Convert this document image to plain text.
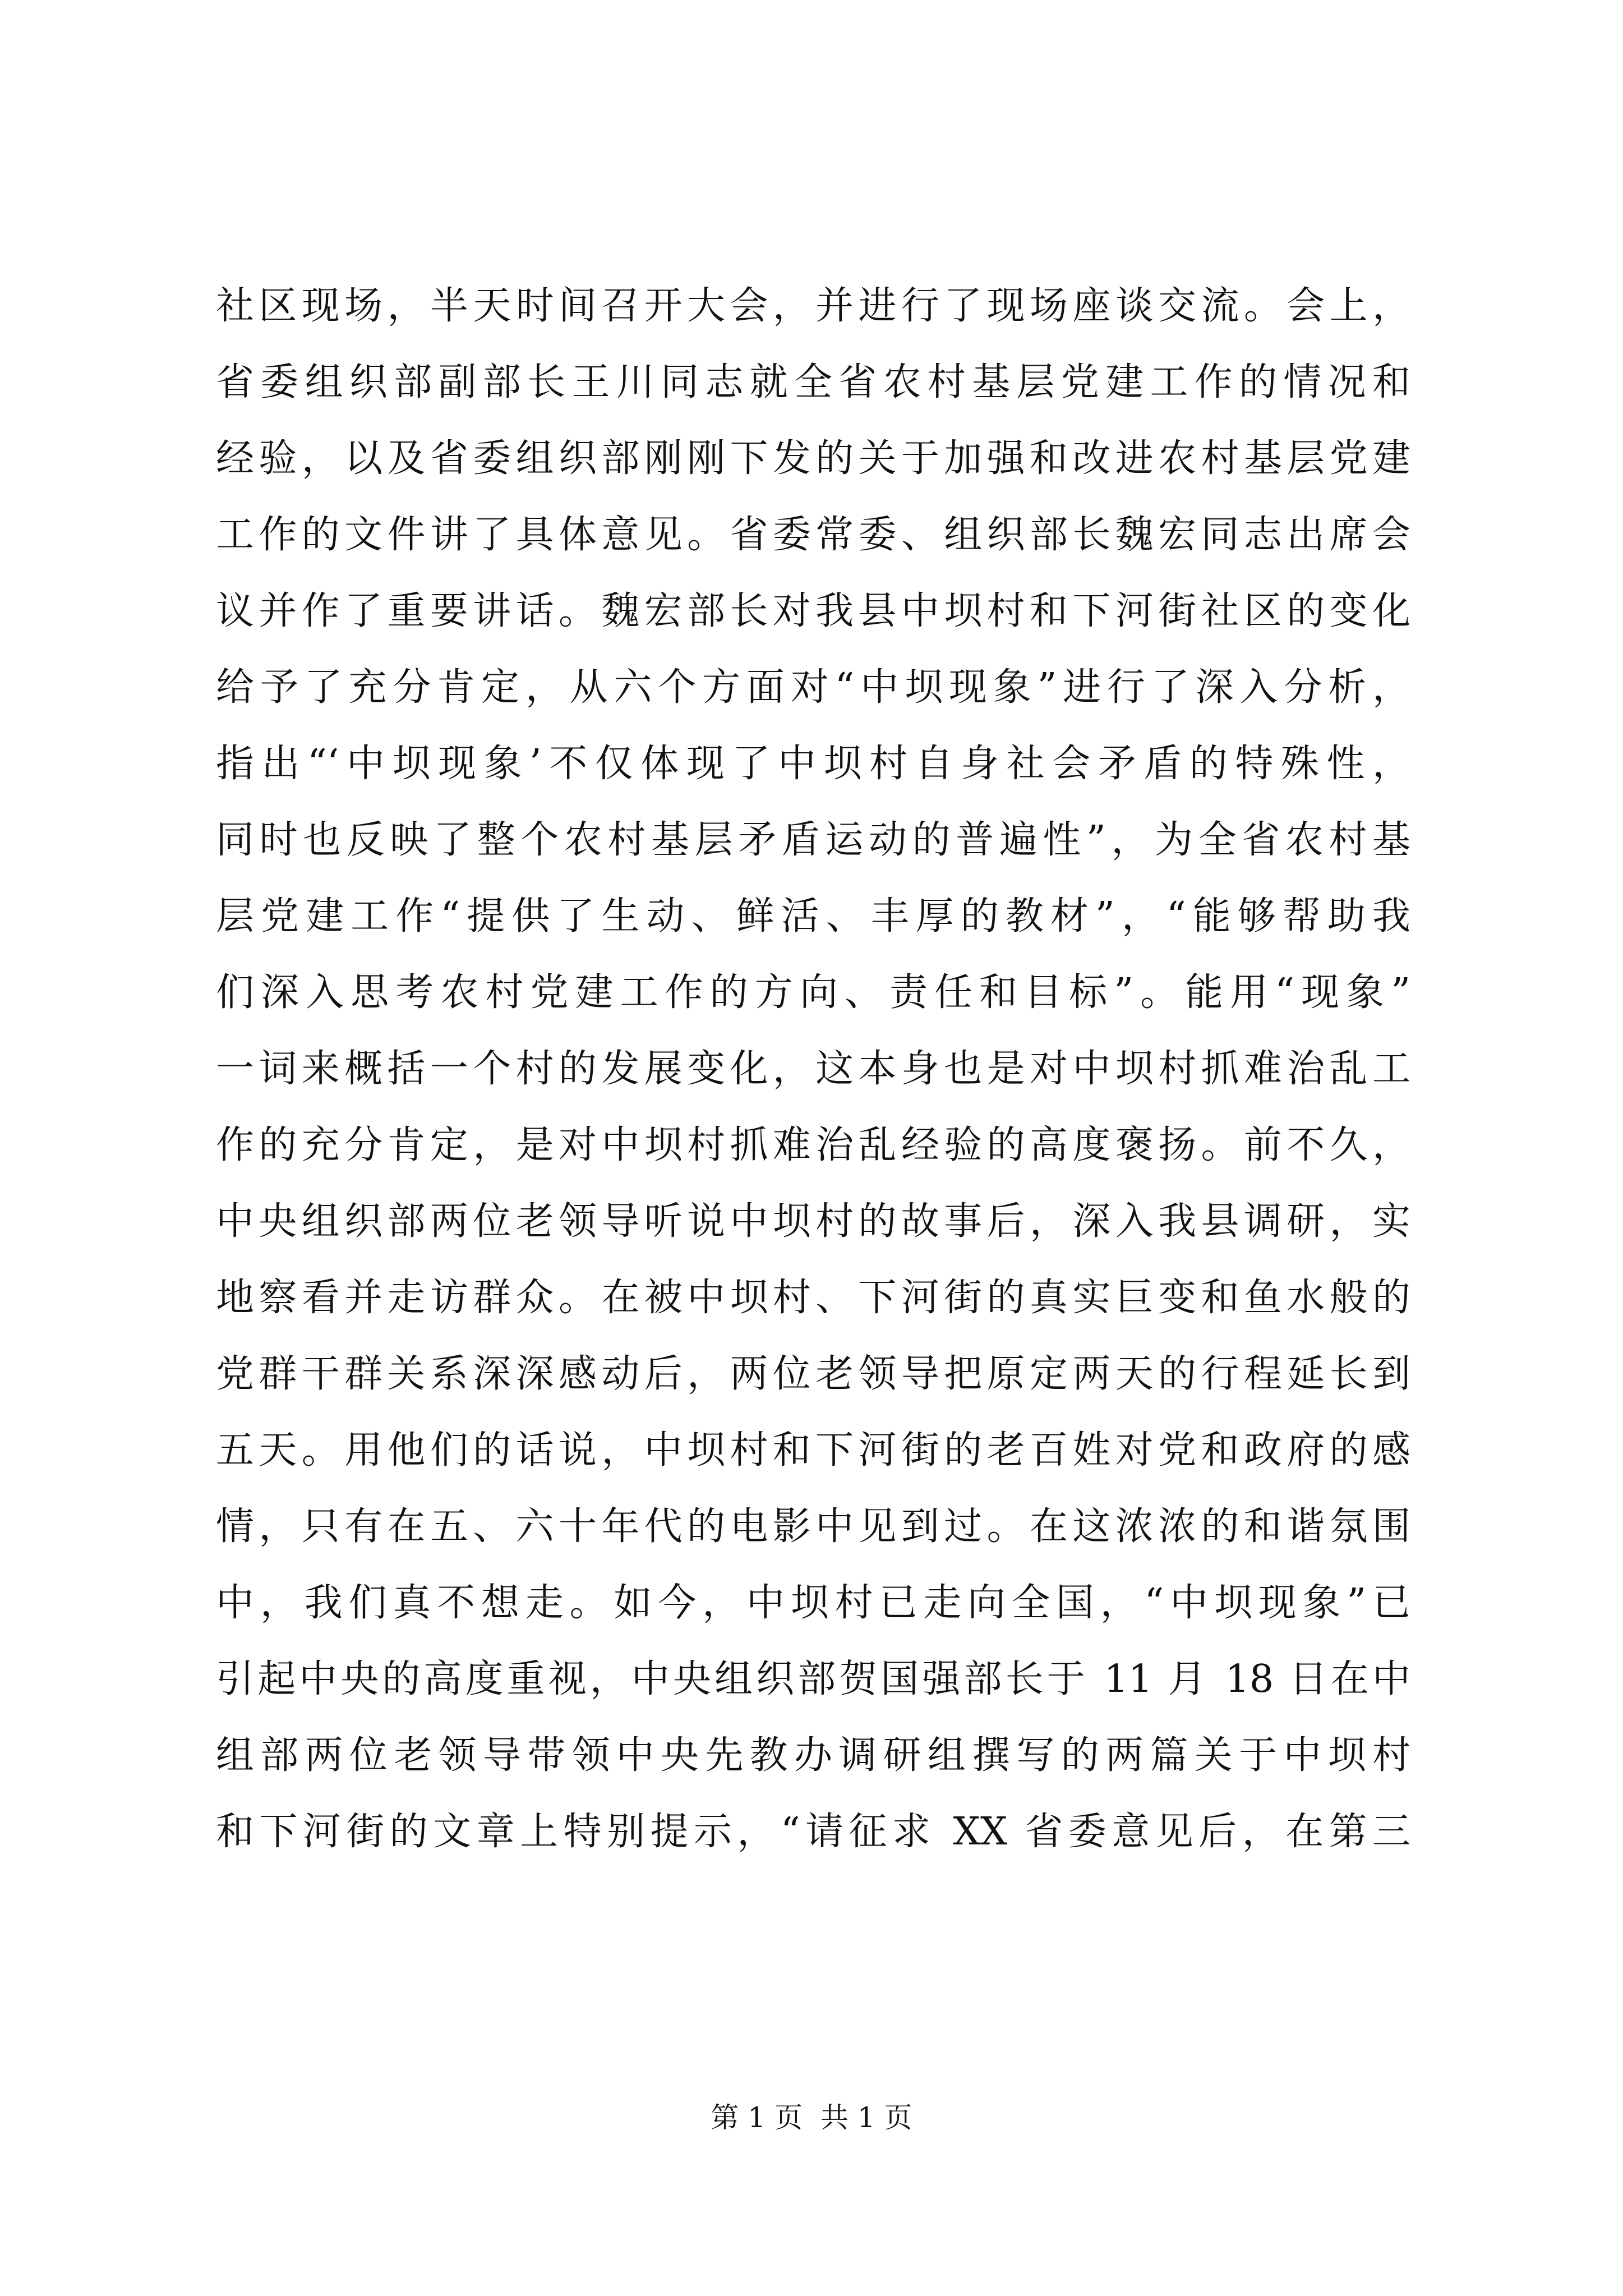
社区现场，半天时间召开大会，并进行了现场座谈交流。会上，
省委组织部副部长王川同志就全省农村基层党建工作的情况和
经验，以及省委组织部刚刚下发的关于加强和改进农村基层党建
工作的文件讲了具体意见。省委常委、组织部长魏宏同志出席会
议并作了重要讲话。魏宏部长对我县中坝村和下河街社区的变化
给予了充分肯定，从六个方面对“中坝现象”进行了深入分析，
指出“‘中坝现象’不仅体现了中坝村自身社会矛盾的特殊性，
同时也反映了整个农村基层矛盾运动的普遍性”，为全省农村基
层党建工作“提供了生动、鲜活、丰厚的教材”，“能够帮助我
们深入思考农村党建工作的方向、责任和目标”。能用“现象”
一词来概括一个村的发展变化，这本身也是对中坝村抓难治乱工
作的充分肯定，是对中坝村抓难治乱经验的高度褒扬。前不久，
中央组织部两位老领导听说中坝村的故事后，深入我县调研，实
地察看并走访群众。在被中坝村、下河街的真实巨变和鱼水般的
党群干群关系深深感动后，两位老领导把原定两天的行程延长到
五天。用他们的话说，中坝村和下河街的老百姓对党和政府的感
情，只有在五、六十年代的电影中见到过。在这浓浓的和谐氛围
中，我们真不想走。如今，中坝村已走向全国，“中坝现象”已
引起中央的高度重视，中央组织部贺国强部长于 11 月 18 日在中
组部两位老领导带领中央先教办调研组撰写的两篇关于中坝村
和下河街的文章上特别提示，“请征求 XX 省委意见后，在第三
第 1 页  共 1 页
